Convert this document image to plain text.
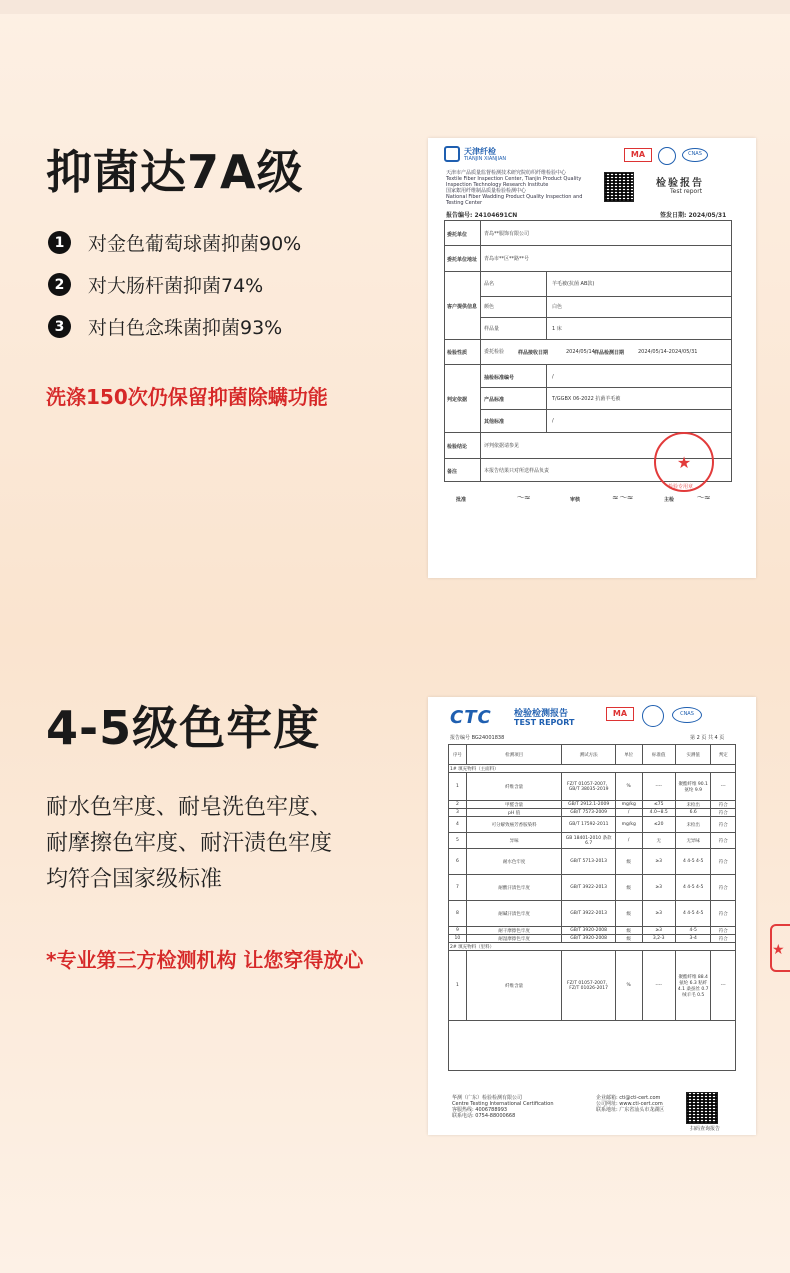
抑菌达7A级
1	对金色葡萄球菌抑菌90%
2	对大肠杆菌抑菌74%
3	对白色念珠菌抑菌93%
洗涤150次仍保留抑菌除螨功能
天津纤检
TIANJIN XIANJIAN	MA	CNAS
天津市产品质量监督检测技术研究院纺织纤维检验中心
Textile Fiber Inspection Center, Tianjin Product Quality
Inspection Technology Research Institute
国家絮用纤维制品质量检验检测中心
National Fiber Wadding Product Quality Inspection and
Testing Center
检验报告
Test report
报告编号: 24104691CN	签发日期: 2024/05/31
委托单位	青岛**服饰有限公司
委托单位地址 青岛市**区**路**号
客户提供信息
品名	羊毛被(抗菌 AB款)
颜色	白色
样品量	1 床
检验性质	委托检验	样品接收日期	2024/05/14 样品检测日期	2024/05/14-2024/05/31
判定依据
抽检标准编号	/
产品标准	T/GGBX 06-2022 抗菌羊毛被
其他标准	/
检验结论	评判依据请参见
备注	本报告结果只对所送样品负责	★
检验专用章
批准	〜≈	审核	≈〜≈	主检	〜≈
4-5级色牢度
耐水色牢度、耐皂洗色牢度、
耐摩擦色牢度、耐汗渍色牢度
均符合国家级标准
*专业第三方检测机构 让您穿得放心
CTC 检验检测报告
TEST REPORT
MA	CNAS
报告编号 BG24001838	第 2 页 共 4 页
序号	检测项目	测试方法	单位	标准值	实测值	判定
1# 填充物料（主面料）						
1	纤维含量	FZ/T 01057-2007、GB/T 38035-2019	%	----	聚酯纤维 90.1 氨纶 9.9	---
2	甲醛含量	GB/T 2912.1-2009	mg/kg	≤75	未检出	符合
3	pH 值	GB/T 7573-2009	/	4.0~8.5	6.6	符合
4	可分解致癌芳香胺染料	GB/T 17592-2011	mg/kg	≤20	未检出	符合
5	异味	GB 18401-2010 条款 6.7	/	无	无异味	符合
6	耐水色牢度	GB/T 5713-2013	级	≥3	4 4-5 4-5	符合
7	耐酸汗渍色牢度	GB/T 3922-2013	级	≥3	4 4-5 4-5	符合
8	耐碱汗渍色牢度	GB/T 3922-2013	级	≥3	4 4-5 4-5	符合
9	耐干摩擦色牢度	GB/T 3920-2008	级	≥3	4-5	符合
10	耐湿摩擦色牢度	GB/T 3920-2008	级	3,2-3	3-4	符合
2# 填充物料（里料）						
1	纤维含量	FZ/T 01057-2007、FZ/T 01026-2017	%	----	聚酯纤维 88.4 氨纶 6.3 粘纤 4.1 桑蚕丝 0.7 绒羊毛 0.5	---

华测（广东）检验检测有限公司
Centre Testing International Certification
客服热线: 4006788993
联系电话: 0754-88000668
企业邮箱: cti@cti-cert.com
公司网址: www.cti-cert.com
联系地址: 广东省汕头市龙湖区
扫码查询报告
★
